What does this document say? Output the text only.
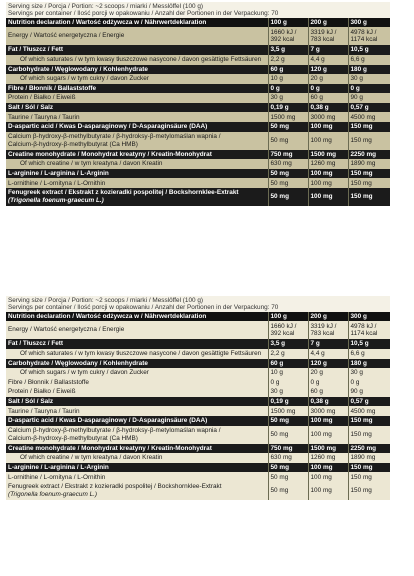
Serving size / Porcja / Portion: ~2 scoops / miarki / Messlöffel (100 g)
Servings per container / Ilość porcji w opakowaniu / Anzahl der Portionen in der Verpackung: 70
Nutrition declaration / Wartość odżywcza w / Nährwertdeklaration	100 g	200 g	300 g

Energy / Wartość energetyczna / Energie	1660 kJ / 392 kcal	3319 kJ / 783 kcal	4978 kJ / 1174 kcal

Fat / Tłuszcz / Fett	3,5 g	7 g	10,5 g

Of which saturates / w tym kwasy tłuszczowe nasycone / davon gesättigte Fettsäuren	2,2 g	4,4 g	6,6 g

Carbohydrate / Węglowodany / Kohlenhydrate	60 g	120 g	180 g

Of which sugars / w tym cukry / davon Zucker	10 g	20 g	30 g

Fibre / Błonnik / Ballaststoffe	0 g	0 g	0 g

Protein / Białko / Eiweiß	30 g	60 g	90 g

Salt / Sól / Salz	0,19 g	0,38 g	0,57 g

Taurine / Tauryna / Taurin	1500 mg	3000 mg	4500 mg

D-aspartic acid / Kwas D-asparaginowy / D-Asparaginsäure (DAA)	50 mg	100 mg	150 mg

Calcium β-hydroxy-β-methylbutyrate / β-hydroksy-β-metylomaślan wapnia /
Calcium-β-hydroxy-β-methylbutyrat (Ca HMB)	50 mg	100 mg	150 mg

Creatine monohydrate / Monohydrat kreatyny / Kreatin-Monohydrat	750 mg	1500 mg	2250 mg

Of which creatine / w tym kreatyna / davon Kreatin	630 mg	1260 mg	1890 mg

L-arginine / L-arginina / L-Arginin	50 mg	100 mg	150 mg

L-ornithine / L-ornityna / L-Ornithin	50 mg	100 mg	150 mg

Fenugreek extract / Ekstrakt z kozieradki pospolitej / Bockshornklee-Extrakt
(Trigonella foenum-graecum L.)	50 mg	100 mg	150 mg
Serving size / Porcja / Portion: ~2 scoops / miarki / Messlöffel (100 g)
Servings per container / Ilość porcji w opakowaniu / Anzahl der Portionen in der Verpackung: 70
Nutrition declaration / Wartość odżywcza w / Nährwertdeklaration	100 g	200 g	300 g

Energy / Wartość energetyczna / Energie	1660 kJ / 392 kcal	3319 kJ / 783 kcal	4978 kJ / 1174 kcal

Fat / Tłuszcz / Fett	3,5 g	7 g	10,5 g

Of which saturates / w tym kwasy tłuszczowe nasycone / davon gesättigte Fettsäuren	2,2 g	4,4 g	6,6 g

Carbohydrate / Węglowodany / Kohlenhydrate	60 g	120 g	180 g

Of which sugars / w tym cukry / davon Zucker	10 g	20 g	30 g

Fibre / Błonnik / Ballaststoffe	0 g	0 g	0 g

Protein / Białko / Eiweiß	30 g	60 g	90 g

Salt / Sól / Salz	0,19 g	0,38 g	0,57 g

Taurine / Tauryna / Taurin	1500 mg	3000 mg	4500 mg

D-aspartic acid / Kwas D-asparaginowy / D-Asparaginsäure (DAA)	50 mg	100 mg	150 mg

Calcium β-hydroxy-β-methylbutyrate / β-hydroksy-β-metylomaślan wapnia /
Calcium-β-hydroxy-β-methylbutyrat (Ca HMB)	50 mg	100 mg	150 mg

Creatine monohydrate / Monohydrat kreatyny / Kreatin-Monohydrat	750 mg	1500 mg	2250 mg

Of which creatine / w tym kreatyna / davon Kreatin	630 mg	1260 mg	1890 mg

L-arginine / L-arginina / L-Arginin	50 mg	100 mg	150 mg

L-ornithine / L-ornityna / L-Ornithin	50 mg	100 mg	150 mg

Fenugreek extract / Ekstrakt z kozieradki pospolitej / Bockshornklee-Extrakt
(Trigonella foenum-graecum L.)	50 mg	100 mg	150 mg
